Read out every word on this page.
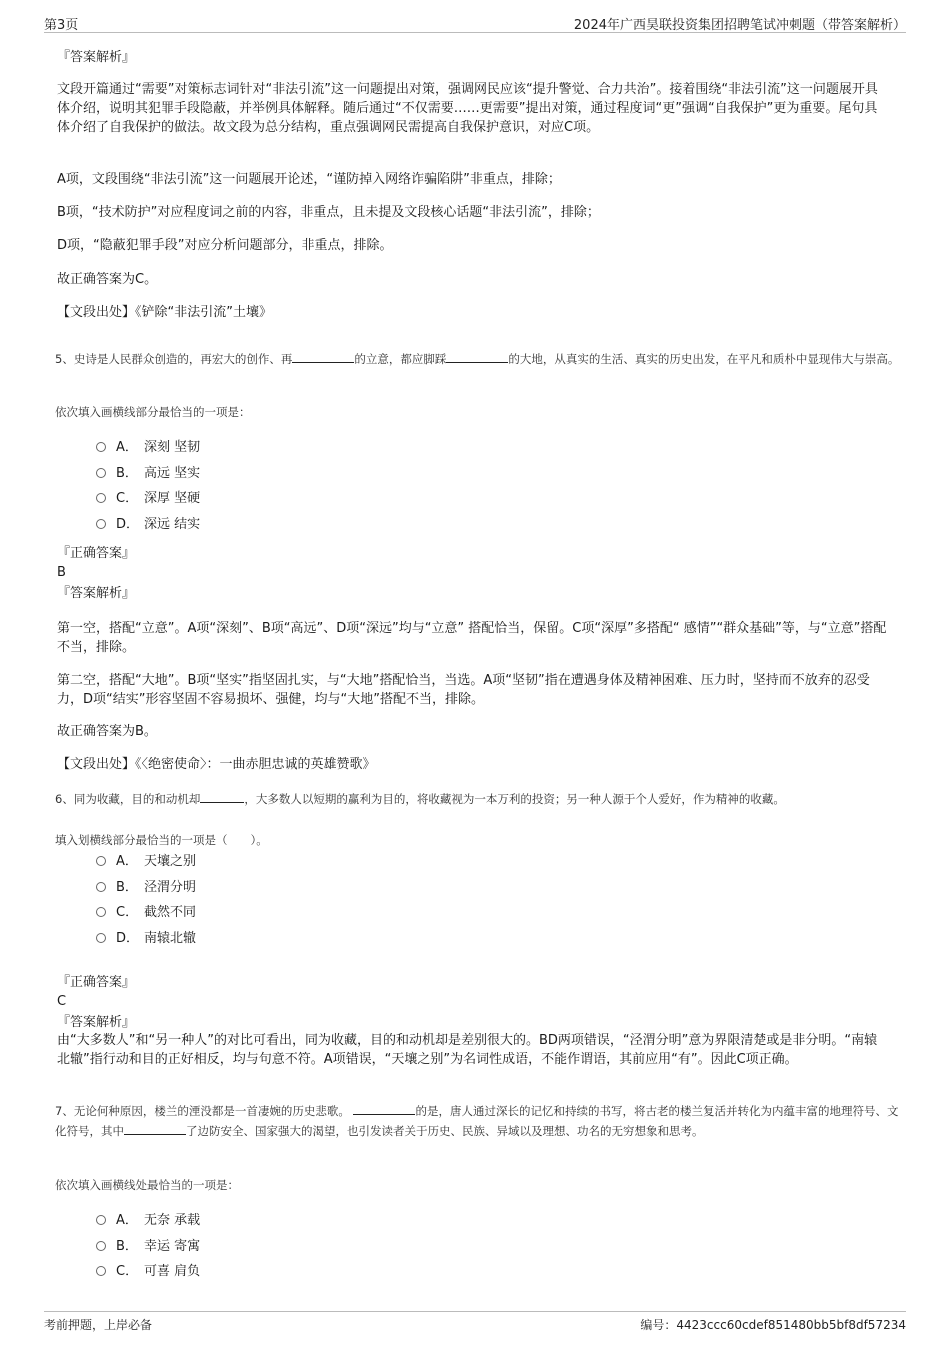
第3页	2024年广西昊联投资集团招聘笔试冲刺题（带答案解析）
『答案解析』

文段开篇通过“需要”对策标志词针对“非法引流”这一问题提出对策，强调网民应该“提升警觉、合力共治”。接着围绕“非法引流”这一问题展开具体介绍，说明其犯罪手段隐蔽，并举例具体解释。随后通过“不仅需要……更需要”提出对策，通过程度词“更”强调“自我保护”更为重要。尾句具体介绍了自我保护的做法。故文段为总分结构，重点强调网民需提高自我保护意识，对应C项。

A项，文段围绕“非法引流”这一问题展开论述，“谨防掉入网络诈骗陷阱”非重点，排除；
B项，“技术防护”对应程度词之前的内容，非重点，且未提及文段核心话题“非法引流”，排除；
D项，“隐蔽犯罪手段”对应分析问题部分，非重点，排除。
故正确答案为C。
【文段出处】《铲除“非法引流”土壤》

5、史诗是人民群众创造的，再宏大的创作、再	的立意，都应脚踩	的大地，从真实的生活、真实的历史出发，在平凡和质朴中显现伟大与崇高。

依次填入画横线部分最恰当的一项是：
A． 深刻 坚韧
B． 高远 坚实
C． 深厚 坚硬
D． 深远 结实
『正确答案』
B
『答案解析』

第一空，搭配“立意”。A项“深刻”、B项“高远”、D项“深远”均与“立意” 搭配恰当，保留。C项“深厚”多搭配“ 感情”“群众基础”等，与“立意”搭配不当，排除。

第二空，搭配“大地”。B项“坚实”指坚固扎实，与“大地”搭配恰当，当选。A项“坚韧”指在遭遇身体及精神困难、压力时，坚持而不放弃的忍受力，D项“结实”形容坚固不容易损坏、强健，均与“大地”搭配不当，排除。

故正确答案为B。
【文段出处】《〈绝密使命〉：一曲赤胆忠诚的英雄赞歌》

6、同为收藏，目的和动机却	，大多数人以短期的赢利为目的，将收藏视为一本万利的投资；另一种人源于个人爱好，作为精神的收藏。

填入划横线部分最恰当的一项是（　　）。
A． 天壤之别
B． 泾渭分明
C． 截然不同
D． 南辕北辙
『正确答案』
C
『答案解析』

由“大多数人”和“另一种人”的对比可看出，同为收藏，目的和动机却是差别很大的。BD两项错误，“泾渭分明”意为界限清楚或是非分明。“南辕北辙”指行动和目的正好相反，均与句意不符。A项错误，“天壤之别”为名词性成语，不能作谓语，其前应用“有”。因此C项正确。

7、无论何种原因，楼兰的湮没都是一首凄婉的历史悲歌。	的是，唐人通过深长的记忆和持续的书写，将古老的楼兰复活并转化为内蕴丰富的地理符号、文化符号，其中	了边防安全、国家强大的渴望，也引发读者关于历史、民族、异域以及理想、功名的无穷想象和思考。

依次填入画横线处最恰当的一项是：
A． 无奈 承载
B． 幸运 寄寓
C． 可喜 肩负
考前押题，上岸必备	编号：4423ccc60cdef851480bb5bf8df57234
